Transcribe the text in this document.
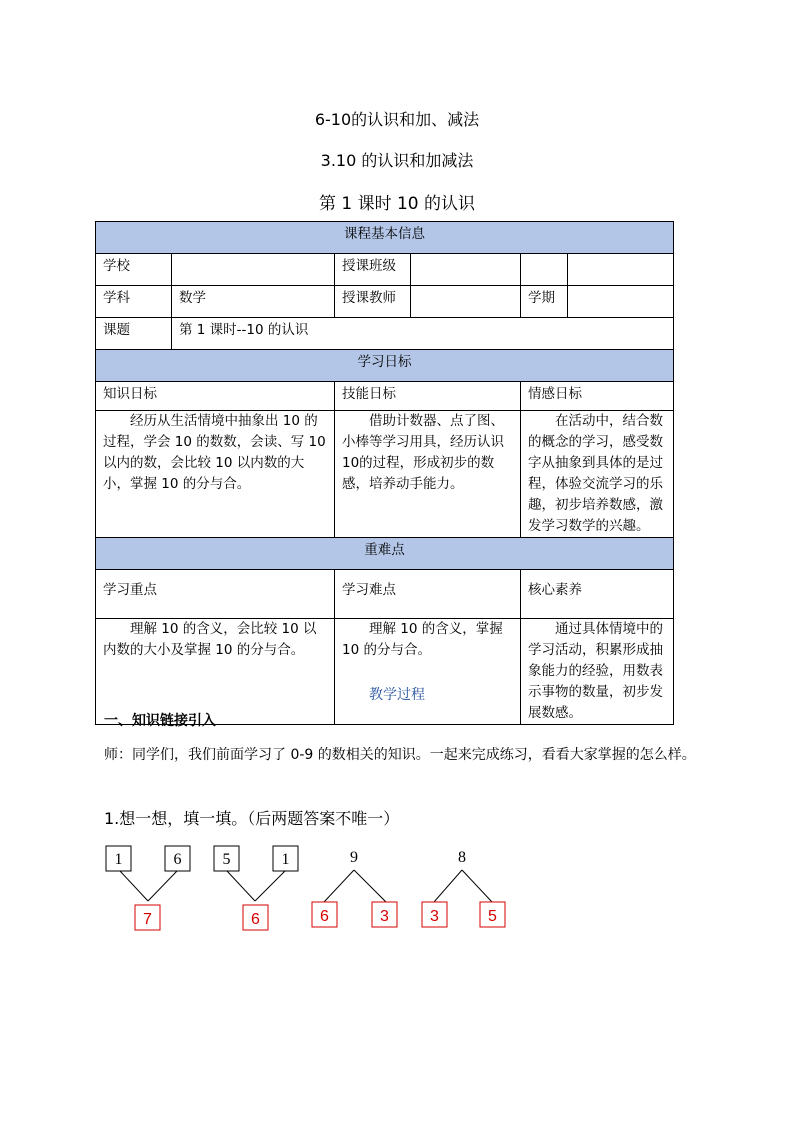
6-10的认识和加、减法
3.10 的认识和加减法
第 1 课时 10 的认识
课程基本信息					
学校		授课班级			
学科	数学	授课教师		学期	
课题	第 1 课时--10 的认识				
学习日标					
知识日标		技能日标		情感日标	
经历从生活情境中抽象出 10 的过程，学会 10 的数数，会读、写 10 以内的数，会比较 10 以内数的大小，掌握 10 的分与合。		借助计数器、点了图、小棒等学习用具，经历认识10的过程，形成初步的数感，培养动手能力。		在活动中，结合数的概念的学习，感受数字从抽象到具体的是过程，体验交流学习的乐趣，初步培养数感，激发学习数学的兴趣。	
重难点					
学习重点		学习难点		核心素养	
理解 10 的含义，会比较 10 以内数的大小及掌握 10 的分与合。		理解 10 的含义，掌握10 的分与合。		通过具体情境中的学习活动，积累形成抽象能力的经验，用数表示事物的数量，初步发展数感。	
教学过程
一、知识链接引入
师：同学们，我们前面学习了 0-9 的数相关的知识。一起来完成练习，看看大家掌握的怎么样。
1.想一想，填一填。（后两题答案不唯一）
1	6
7
5	1
6
9
6	3
8
3	5
